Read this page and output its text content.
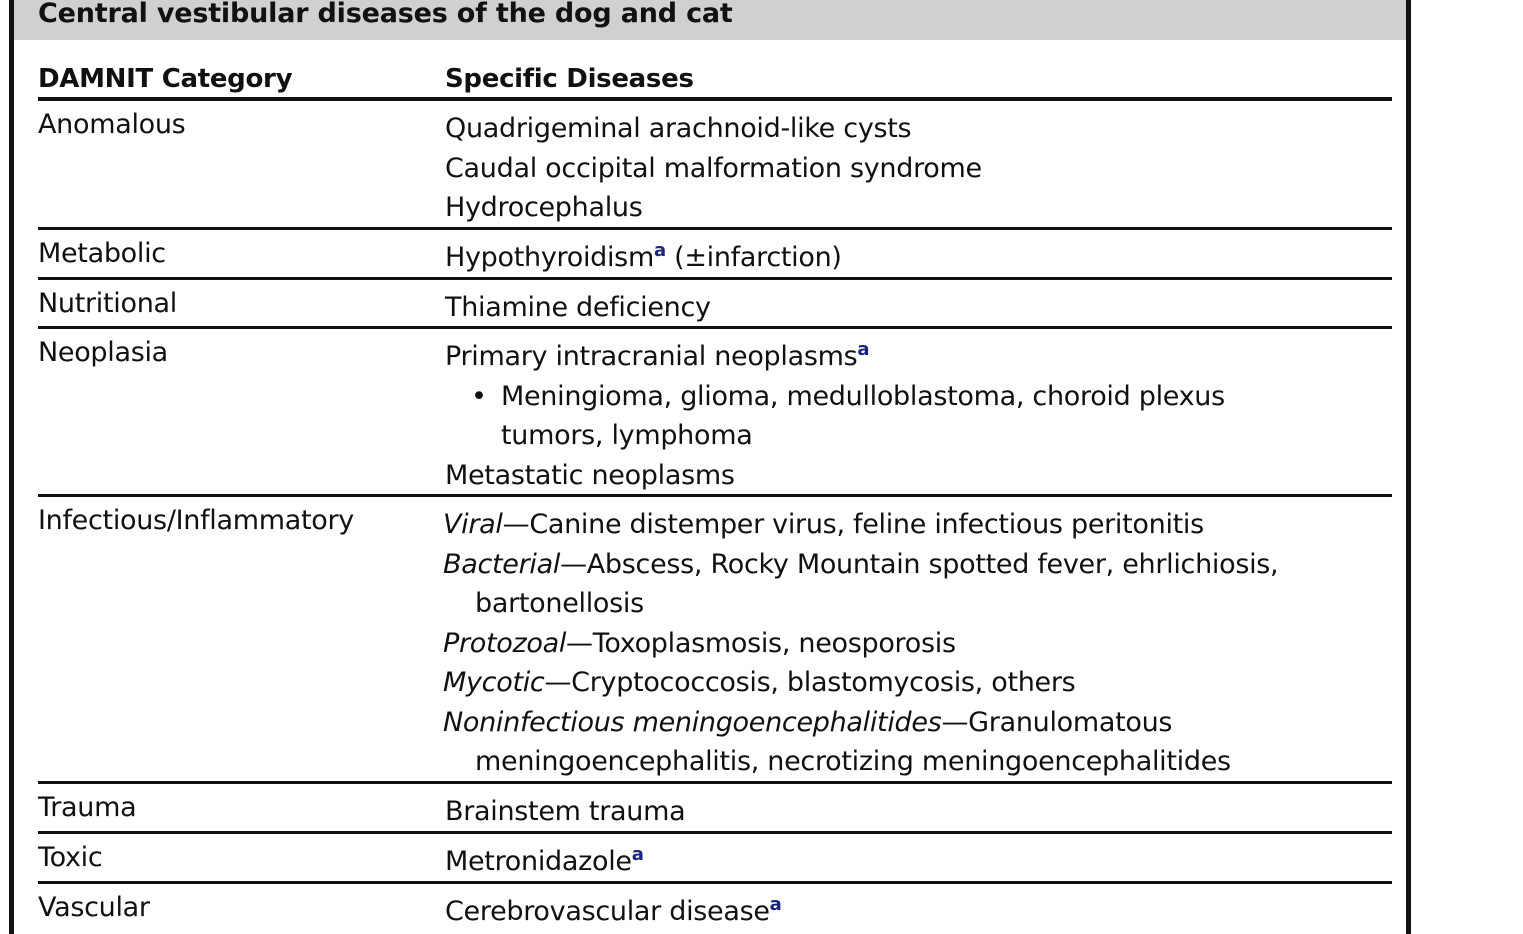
Central vestibular diseases of the dog and cat
DAMNIT Category	Specific Diseases
Anomalous	Quadrigeminal arachnoid-like cysts
Caudal occipital malformation syndrome
Hydrocephalus
Metabolic	Hypothyroidism$^a$ (±infarction)
Nutritional	Thiamine deficiency
Neoplasia	Primary intracranial neoplasms$^a$
• Meningioma, glioma, medulloblastoma, choroid plexus
tumors, lymphoma
Metastatic neoplasms
Infectious/Inflammatory	Viral—Canine distemper virus, feline infectious peritonitis
Bacterial—Abscess, Rocky Mountain spotted fever, ehrlichiosis,
bartonellosis
Protozoal—Toxoplasmosis, neosporosis
Mycotic—Cryptococcosis, blastomycosis, others
Noninfectious meningoencephalitides—Granulomatous
meningoencephalitis, necrotizing meningoencephalitides
Trauma	Brainstem trauma
Toxic	Metronidazole$^a$
Vascular	Cerebrovascular disease$^a$
